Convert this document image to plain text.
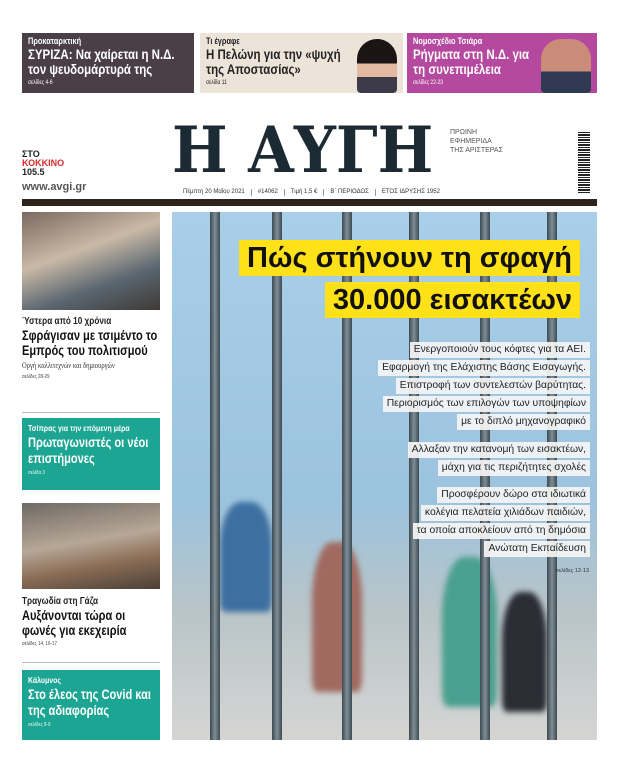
Προκαταρκτική
ΣΥΡΙΖΑ: Να χαίρεται η Ν.Δ. τον ψευδομάρτυρά της
σελίδες 4-6
Τι έγραφε
Η Πελώνη για την «ψυχή της Αποστασίας»
σελίδα 11
Νομοσχέδιο Τσιάρα
Ρήγματα στη Ν.Δ. για τη συνεπιμέλεια
σελίδες 22-23
ΣΤΟ
ΚΟΚΚΙΝΟ
105.5
www.avgi.gr Η ΑΥΓΗ ΠΡΩΙΝΗ
ΕΦΗΜΕΡΙΔΑ
ΤΗΣ ΑΡΙΣΤΕΡΑΣ
Πέμπτη 20 Μαΐου 2021	#14062	Τιμή 1,5 €	Β΄ ΠΕΡΙΟΔΟΣ	ΕΤΟΣ ΙΔΡΥΣΗΣ 1952
Ύστερα από 10 χρόνια
Σφράγισαν με τσιμέντο το Εμπρός του πολιτισμού
Οργή καλλιτεχνών και δημιουργών
σελίδες 28-29
Τσίπρας για την επόμενη μέρα
Πρωταγωνιστές οι νέοι επιστήμονες
σελίδα 3
Τραγωδία στη Γάζα
Αυξάνονται τώρα οι φωνές για εκεχειρία
σελίδες 14, 16-17
Κάλυμνος
Στο έλεος της Covid και της αδιαφορίας
σελίδες 8-9
Πώς στήνουν τη σφαγή
30.000 εισακτέων
Ενεργοποιούν τους κόφτες για τα ΑΕΙ.
Εφαρμογή της Ελάχιστης Βάσης Εισαγωγής.
Επιστροφή των συντελεστών βαρύτητας.
Περιορισμός των επιλογών των υποψηφίων
με το διπλό μηχανογραφικό
Αλλαξαν την κατανομή των εισακτέων,
μάχη για τις περιζήτητες σχολές
Προσφέρουν δώρο στα ιδιωτικά
κολέγια πελατεία χιλιάδων παιδιών,
τα οποία αποκλείουν από τη δημόσια
Ανώτατη Εκπαίδευση
σελίδες 12-13
